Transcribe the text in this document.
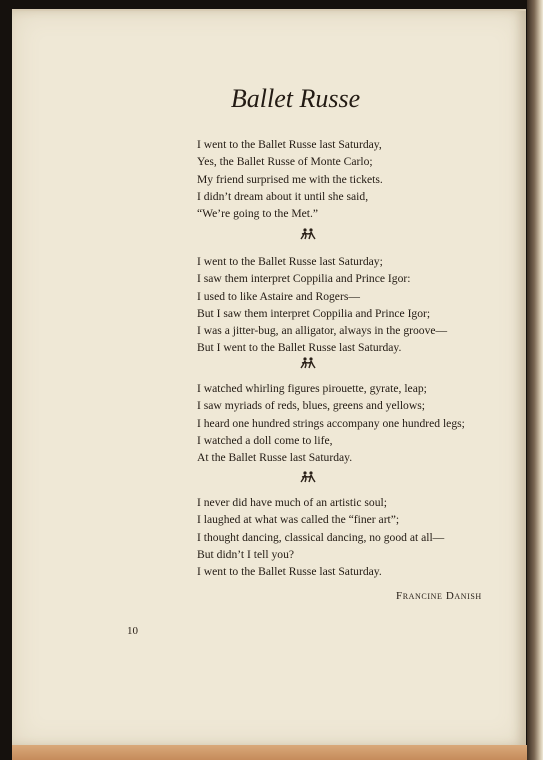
Ballet Russe
I went to the Ballet Russe last Saturday,
Yes, the Ballet Russe of Monte Carlo;
My friend surprised me with the tickets.
I didn’t dream about it until she said,
“We’re going to the Met.”
I went to the Ballet Russe last Saturday;
I saw them interpret Coppilia and Prince Igor:
I used to like Astaire and Rogers—
But I saw them interpret Coppilia and Prince Igor;
I was a jitter-bug, an alligator, always in the groove—
But I went to the Ballet Russe last Saturday.
I watched whirling figures pirouette, gyrate, leap;
I saw myriads of reds, blues, greens and yellows;
I heard one hundred strings accompany one hundred legs;
I watched a doll come to life,
At the Ballet Russe last Saturday.
I never did have much of an artistic soul;
I laughed at what was called the “finer art”;
I thought dancing, classical dancing, no good at all—
But didn’t I tell you?
I went to the Ballet Russe last Saturday.
Francine Danish
10
